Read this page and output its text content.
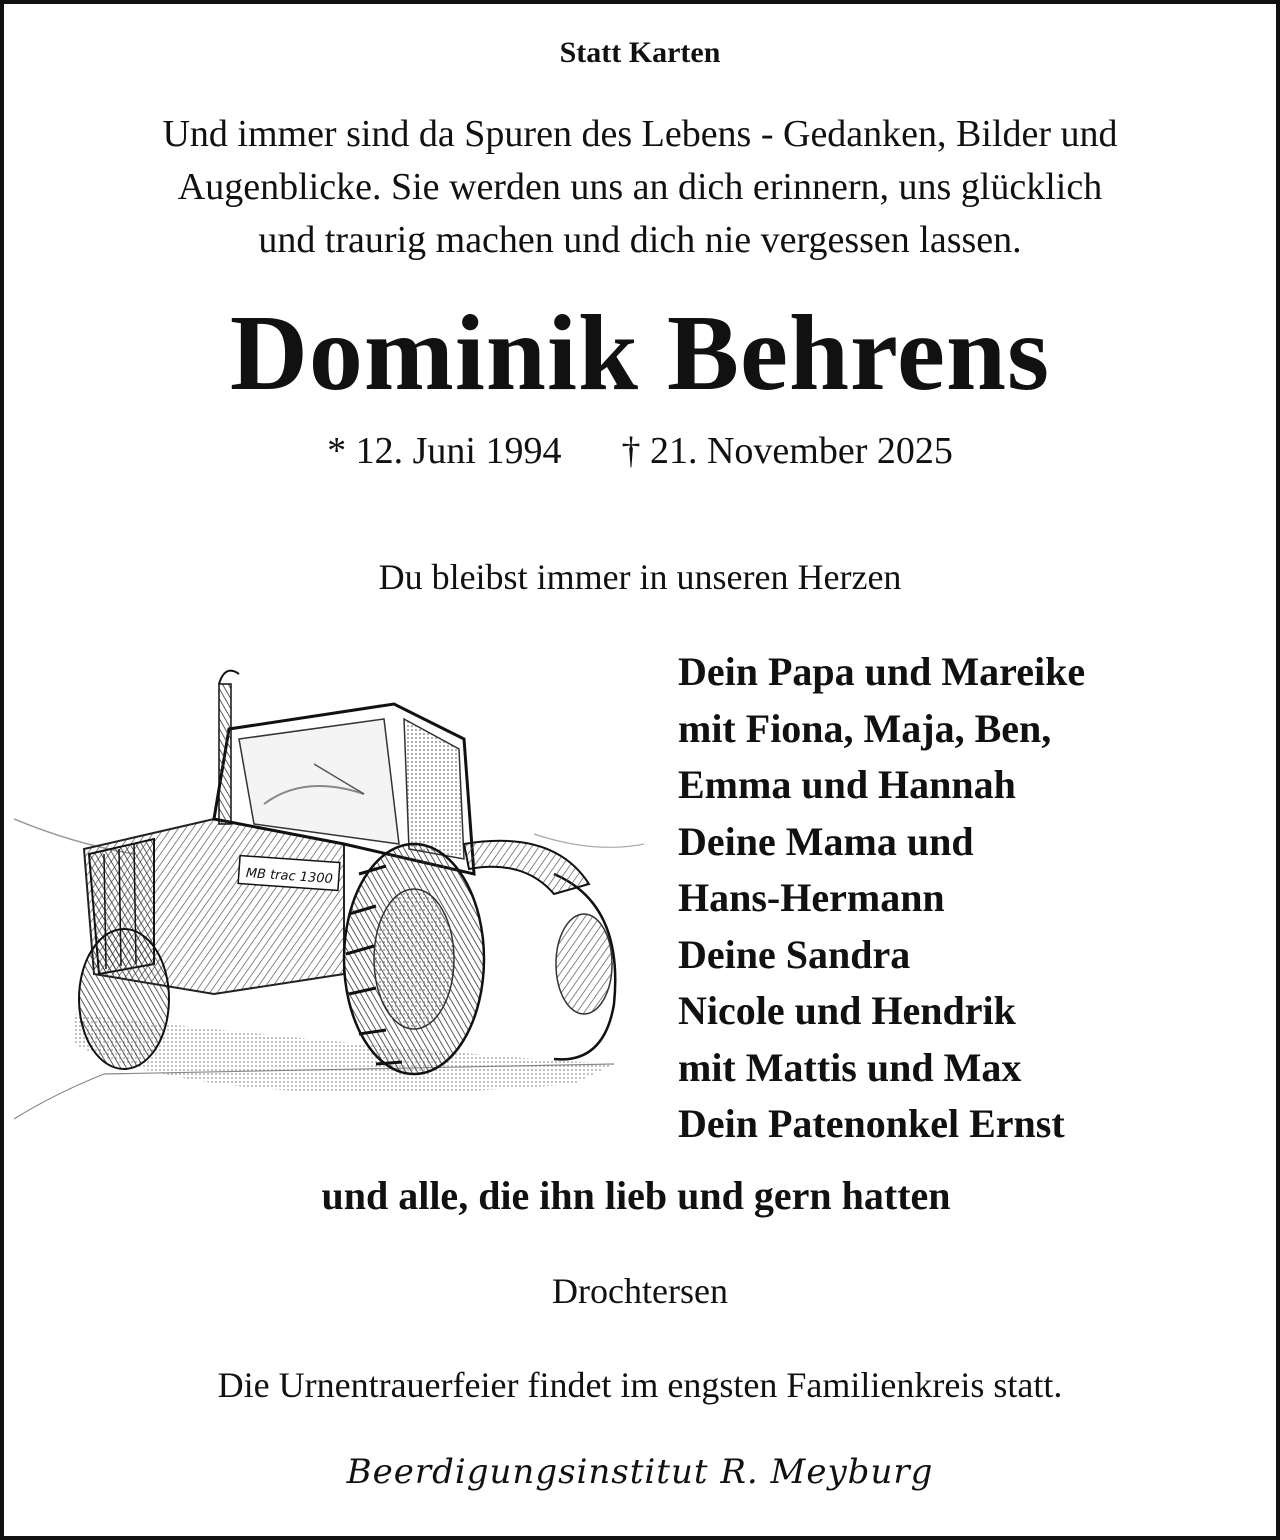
Statt Karten
Und immer sind da Spuren des Lebens - Gedanken, Bilder und
Augenblicke. Sie werden uns an dich erinnern, uns glücklich
und traurig machen und dich nie vergessen lassen.
Dominik Behrens
* 12. Juni 1994 † 21. November 2025
Du bleibst immer in unseren Herzen
MB trac 1300
Dein Papa und Mareike
mit Fiona, Maja, Ben,
Emma und Hannah
Deine Mama und
Hans-Hermann
Deine Sandra
Nicole und Hendrik
mit Mattis und Max
Dein Patenonkel Ernst
und alle, die ihn lieb und gern hatten
Drochtersen
Die Urnentrauerfeier findet im engsten Familienkreis statt.
Beerdigungsinstitut R. Meyburg
